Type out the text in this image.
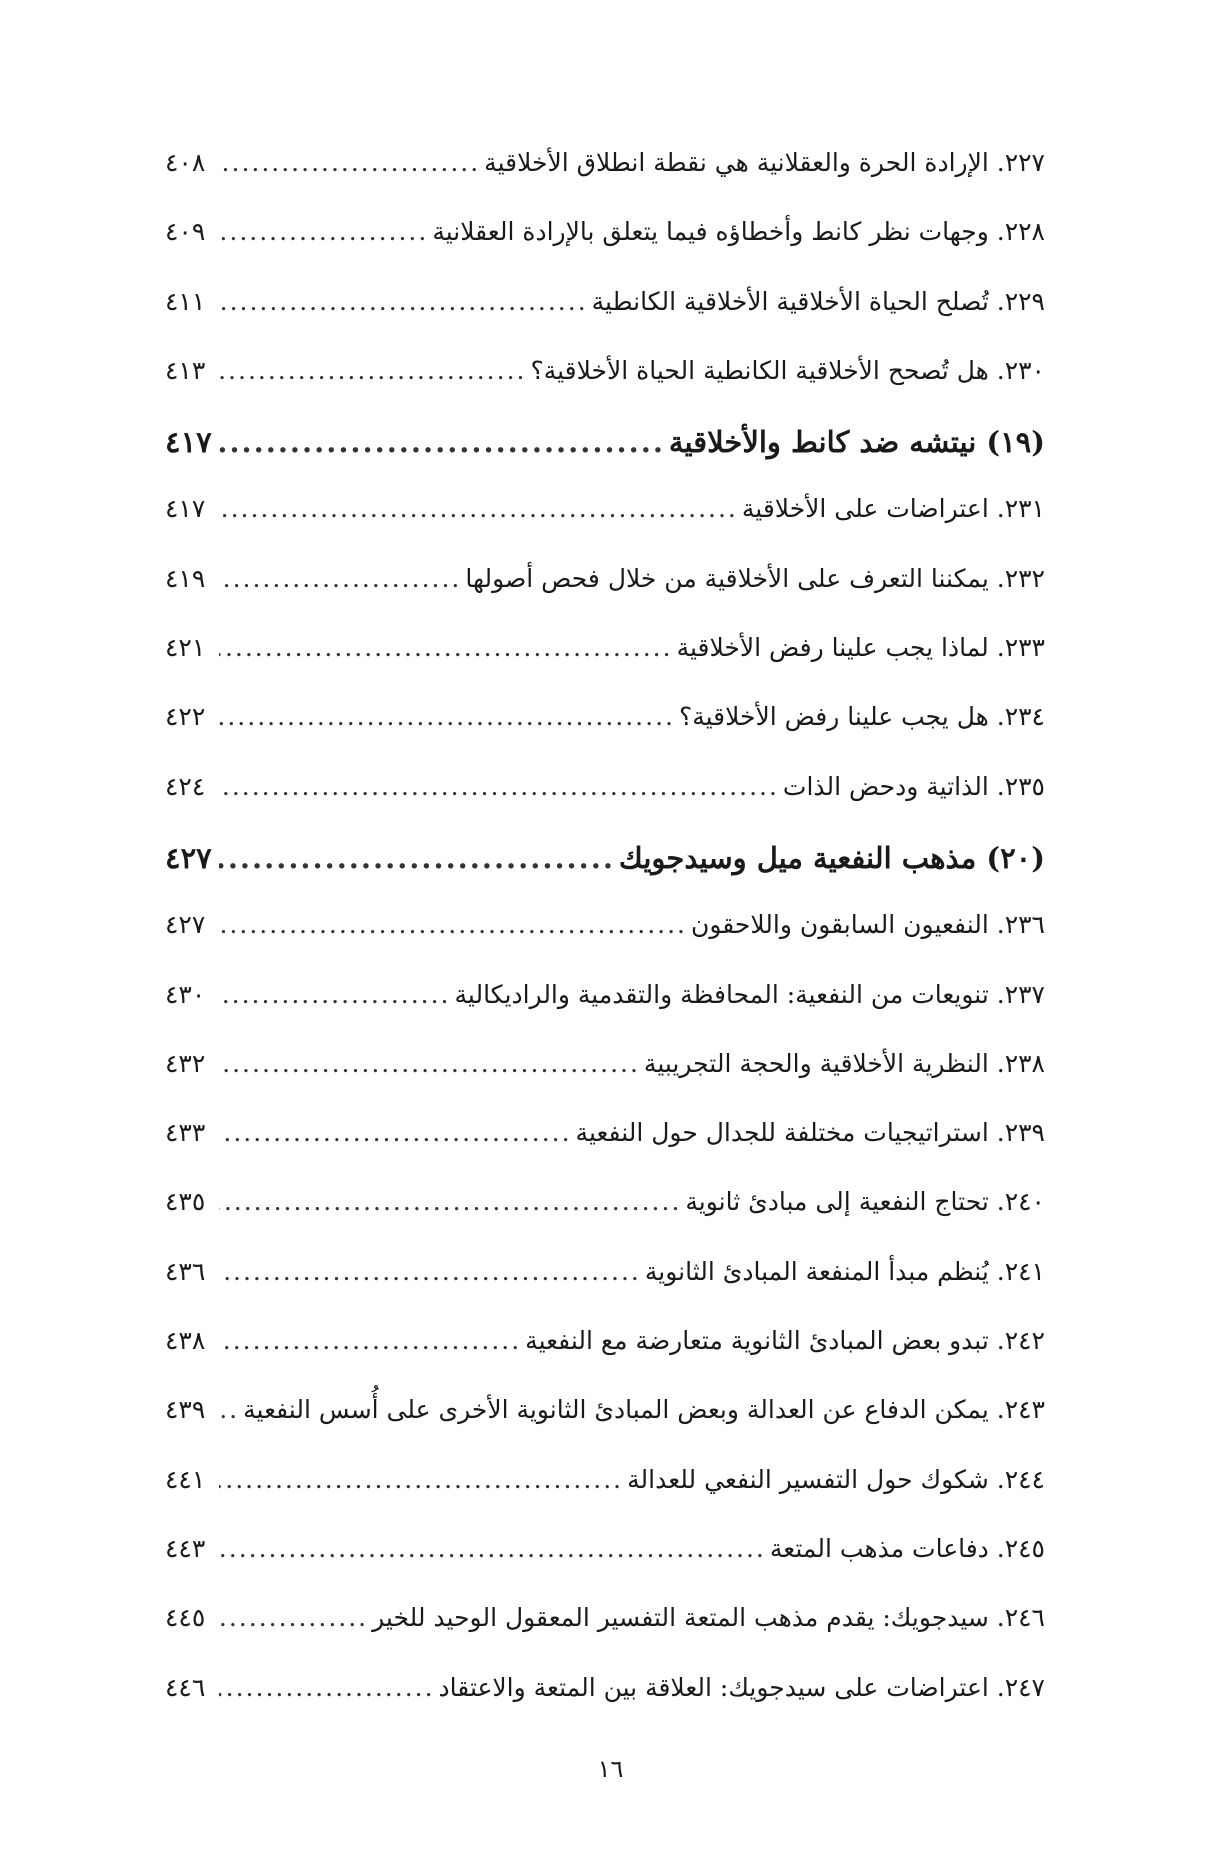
٢٢٧. الإرادة الحرة والعقلانية هي نقطة انطلاق الأخلاقية
.....
٤٠٨
٢٢٨. وجهات نظر كانط وأخطاؤه فيما يتعلق بالإرادة العقلانية
.....
٤٠٩
٢٢٩. تُصلح الحياة الأخلاقية الأخلاقية الكانطية
.....
٤١١
٢٣٠. هل تُصحح الأخلاقية الكانطية الحياة الأخلاقية؟
.....
٤١٣
(١٩) نيتشه ضد كانط والأخلاقية
.....
٤١٧
٢٣١. اعتراضات على الأخلاقية
.....
٤١٧
٢٣٢. يمكننا التعرف على الأخلاقية من خلال فحص أصولها
.....
٤١٩
٢٣٣. لماذا يجب علينا رفض الأخلاقية
.....
٤٢١
٢٣٤. هل يجب علينا رفض الأخلاقية؟
.....
٤٢٢
٢٣٥. الذاتية ودحض الذات
.....
٤٢٤
(٢٠) مذهب النفعية ميل وسيدجويك
.....
٤٢٧
٢٣٦. النفعيون السابقون واللاحقون
.....
٤٢٧
٢٣٧. تنويعات من النفعية: المحافظة والتقدمية والراديكالية
.....
٤٣٠
٢٣٨. النظرية الأخلاقية والحجة التجريبية
.....
٤٣٢
٢٣٩. استراتيجيات مختلفة للجدال حول النفعية
.....
٤٣٣
٢٤٠. تحتاج النفعية إلى مبادئ ثانوية
.....
٤٣٥
٢٤١. يُنظم مبدأ المنفعة المبادئ الثانوية
.....
٤٣٦
٢٤٢. تبدو بعض المبادئ الثانوية متعارضة مع النفعية
.....
٤٣٨
٢٤٣. يمكن الدفاع عن العدالة وبعض المبادئ الثانوية الأخرى على أُسس النفعية
.....
٤٣٩
٢٤٤. شكوك حول التفسير النفعي للعدالة
.....
٤٤١
٢٤٥. دفاعات مذهب المتعة
.....
٤٤٣
٢٤٦. سيدجويك: يقدم مذهب المتعة التفسير المعقول الوحيد للخير
.....
٤٤٥
٢٤٧. اعتراضات على سيدجويك: العلاقة بين المتعة والاعتقاد
.....
٤٤٦
١٦
